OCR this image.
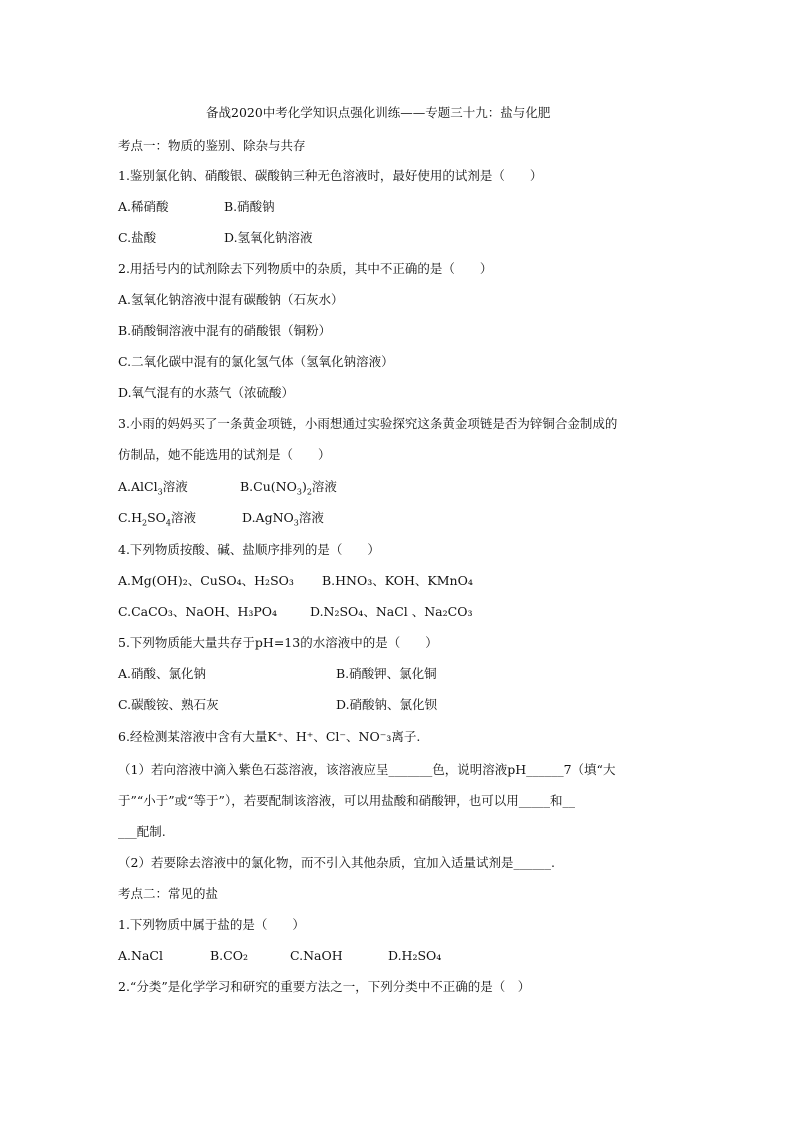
备战2020中考化学知识点强化训练——专题三十九：盐与化肥
考点一：物质的鉴别、除杂与共存
1.鉴别氯化钠、硝酸银、碳酸钠三种无色溶液时，最好使用的试剂是（　　）
A.稀硝酸	B.硝酸钠
C.盐酸	D.氢氧化钠溶液
2.用括号内的试剂除去下列物质中的杂质，其中不正确的是（　　）
A.氢氧化钠溶液中混有碳酸钠（石灰水）
B.硝酸铜溶液中混有的硝酸银（铜粉）
C.二氧化碳中混有的氯化氢气体（氢氧化钠溶液）
D.氧气混有的水蒸气（浓硫酸）
3.小雨的妈妈买了一条黄金项链，小雨想通过实验探究这条黄金项链是否为锌铜合金制成的
仿制品，她不能选用的试剂是（　　）
A.AlCl$_3$溶液	$B.Cu(NO_3)_2$溶液
$C.H_2SO_4$溶液	D.AgNO$_3$溶液
4.下列物质按酸、碱、盐顺序排列的是（　　）
A.Mg(OH)₂、CuSO₄、H₂SO₃ B.HNO₃、KOH、KMnO₄
C.CaCO₃、NaOH、H₃PO₄	D.N₂SO₄、NaCl 、Na₂CO₃
5.下列物质能大量共存于pH=13的水溶液中的是（　　）
A.硝酸、氯化钠	B.硝酸钾、氯化铜
C.碳酸铵、熟石灰	D.硝酸钠、氯化钡
6.经检测某溶液中含有大量K⁺、H⁺、Cl⁻、NO⁻₃离子.
（1）若向溶液中滴入紫色石蕊溶液，该溶液应呈_______色，说明溶液pH______7（填“大
于”“小于”或“等于”），若要配制该溶液，可以用盐酸和硝酸钾，也可以用_____和__
___配制.
（2）若要除去溶液中的氯化物，而不引入其他杂质，宜加入适量试剂是______.
考点二：常见的盐
1.下列物质中属于盐的是（　　）
A.NaCl	B.CO₂	C.NaOH	D.H₂SO₄
2.“分类”是化学学习和研究的重要方法之一，下列分类中不正确的是（　）
